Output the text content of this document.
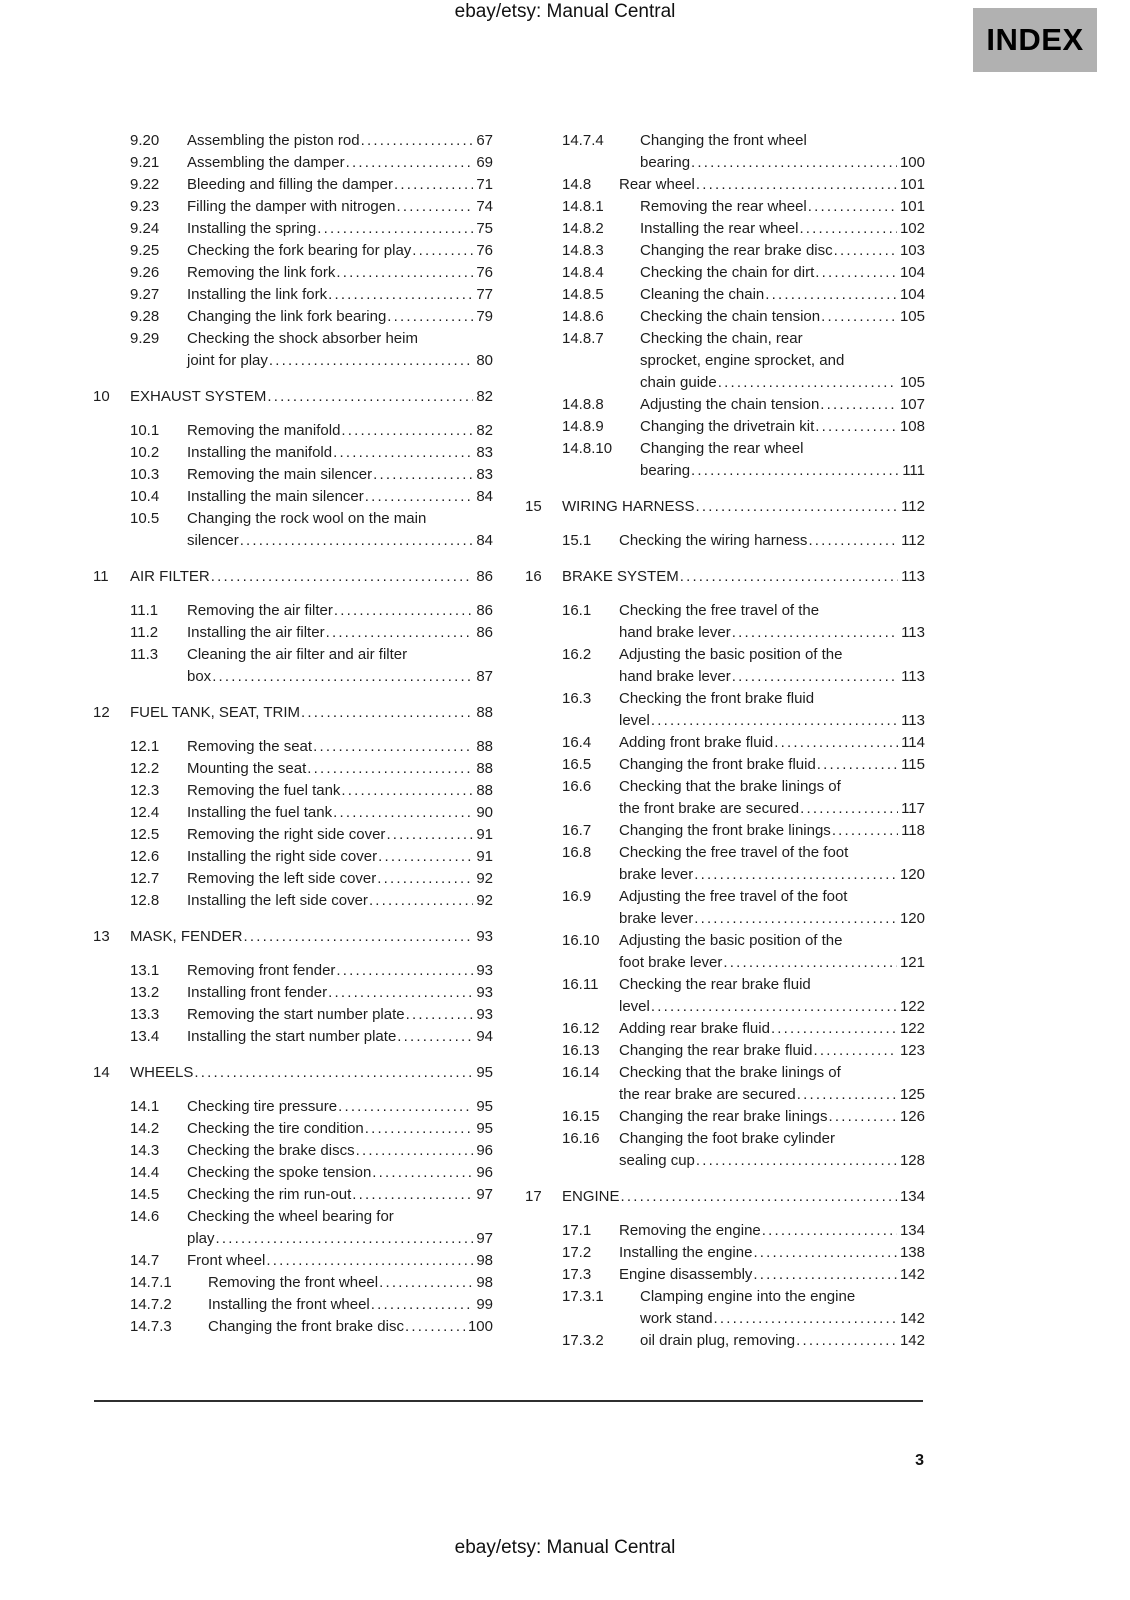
ebay/etsy: Manual Central
INDEX
9.20	Assembling the piston rod .....	67
9.21	Assembling the damper .....	69
9.22	Bleeding and filling the damper .....	71
9.23	Filling the damper with nitrogen .....	74
9.24	Installing the spring .....	75
9.25	Checking the fork bearing for play .....	76
9.26	Removing the link fork .....	76
9.27	Installing the link fork .....	77
9.28	Changing the link fork bearing .....	79
9.29	Checking the shock absorber heim
joint for play .....	80
10	EXHAUST SYSTEM .....	82
10.1	Removing the manifold .....	82
10.2	Installing the manifold .....	83
10.3	Removing the main silencer .....	83
10.4	Installing the main silencer .....	84
10.5	Changing the rock wool on the main
silencer .....	84
11	AIR FILTER .....	86
11.1	Removing the air filter .....	86
11.2	Installing the air filter .....	86
11.3	Cleaning the air filter and air filter
box .....	87
12	FUEL TANK, SEAT, TRIM .....	88
12.1	Removing the seat .....	88
12.2	Mounting the seat .....	88
12.3	Removing the fuel tank .....	88
12.4	Installing the fuel tank .....	90
12.5	Removing the right side cover .....	91
12.6	Installing the right side cover .....	91
12.7	Removing the left side cover .....	92
12.8	Installing the left side cover .....	92
13	MASK, FENDER .....	93
13.1	Removing front fender .....	93
13.2	Installing front fender .....	93
13.3	Removing the start number plate .....	93
13.4	Installing the start number plate .....	94
14	WHEELS .....	95
14.1	Checking tire pressure .....	95
14.2	Checking the tire condition .....	95
14.3	Checking the brake discs .....	96
14.4	Checking the spoke tension .....	96
14.5	Checking the rim run-out .....	97
14.6	Checking the wheel bearing for
play .....	97
14.7	Front wheel .....	98
14.7.1	Removing the front wheel .....	98
14.7.2	Installing the front wheel .....	99
14.7.3	Changing the front brake disc .....	100
14.7.4	Changing the front wheel
bearing .....	100
14.8	Rear wheel .....	101
14.8.1	Removing the rear wheel .....	101
14.8.2	Installing the rear wheel .....	102
14.8.3	Changing the rear brake disc .....	103
14.8.4	Checking the chain for dirt .....	104
14.8.5	Cleaning the chain .....	104
14.8.6	Checking the chain tension .....	105
14.8.7	Checking the chain, rear
sprocket, engine sprocket, and
chain guide .....	105
14.8.8	Adjusting the chain tension .....	107
14.8.9	Changing the drivetrain kit .....	108
14.8.10	Changing the rear wheel
bearing .....	111
15	WIRING HARNESS .....	112
15.1	Checking the wiring harness .....	112
16	BRAKE SYSTEM .....	113
16.1	Checking the free travel of the
hand brake lever .....	113
16.2	Adjusting the basic position of the
hand brake lever .....	113
16.3	Checking the front brake fluid
level .....	113
16.4	Adding front brake fluid .....	114
16.5	Changing the front brake fluid .....	115
16.6	Checking that the brake linings of
the front brake are secured .....	117
16.7	Changing the front brake linings .....	118
16.8	Checking the free travel of the foot
brake lever .....	120
16.9	Adjusting the free travel of the foot
brake lever .....	120
16.10	Adjusting the basic position of the
foot brake lever .....	121
16.11	Checking the rear brake fluid
level .....	122
16.12	Adding rear brake fluid .....	122
16.13	Changing the rear brake fluid .....	123
16.14	Checking that the brake linings of
the rear brake are secured .....	125
16.15	Changing the rear brake linings .....	126
16.16	Changing the foot brake cylinder
sealing cup .....	128
17	ENGINE .....	134
17.1	Removing the engine .....	134
17.2	Installing the engine .....	138
17.3	Engine disassembly .....	142
17.3.1	Clamping engine into the engine
work stand .....	142
17.3.2	oil drain plug, removing .....	142
3
ebay/etsy: Manual Central
